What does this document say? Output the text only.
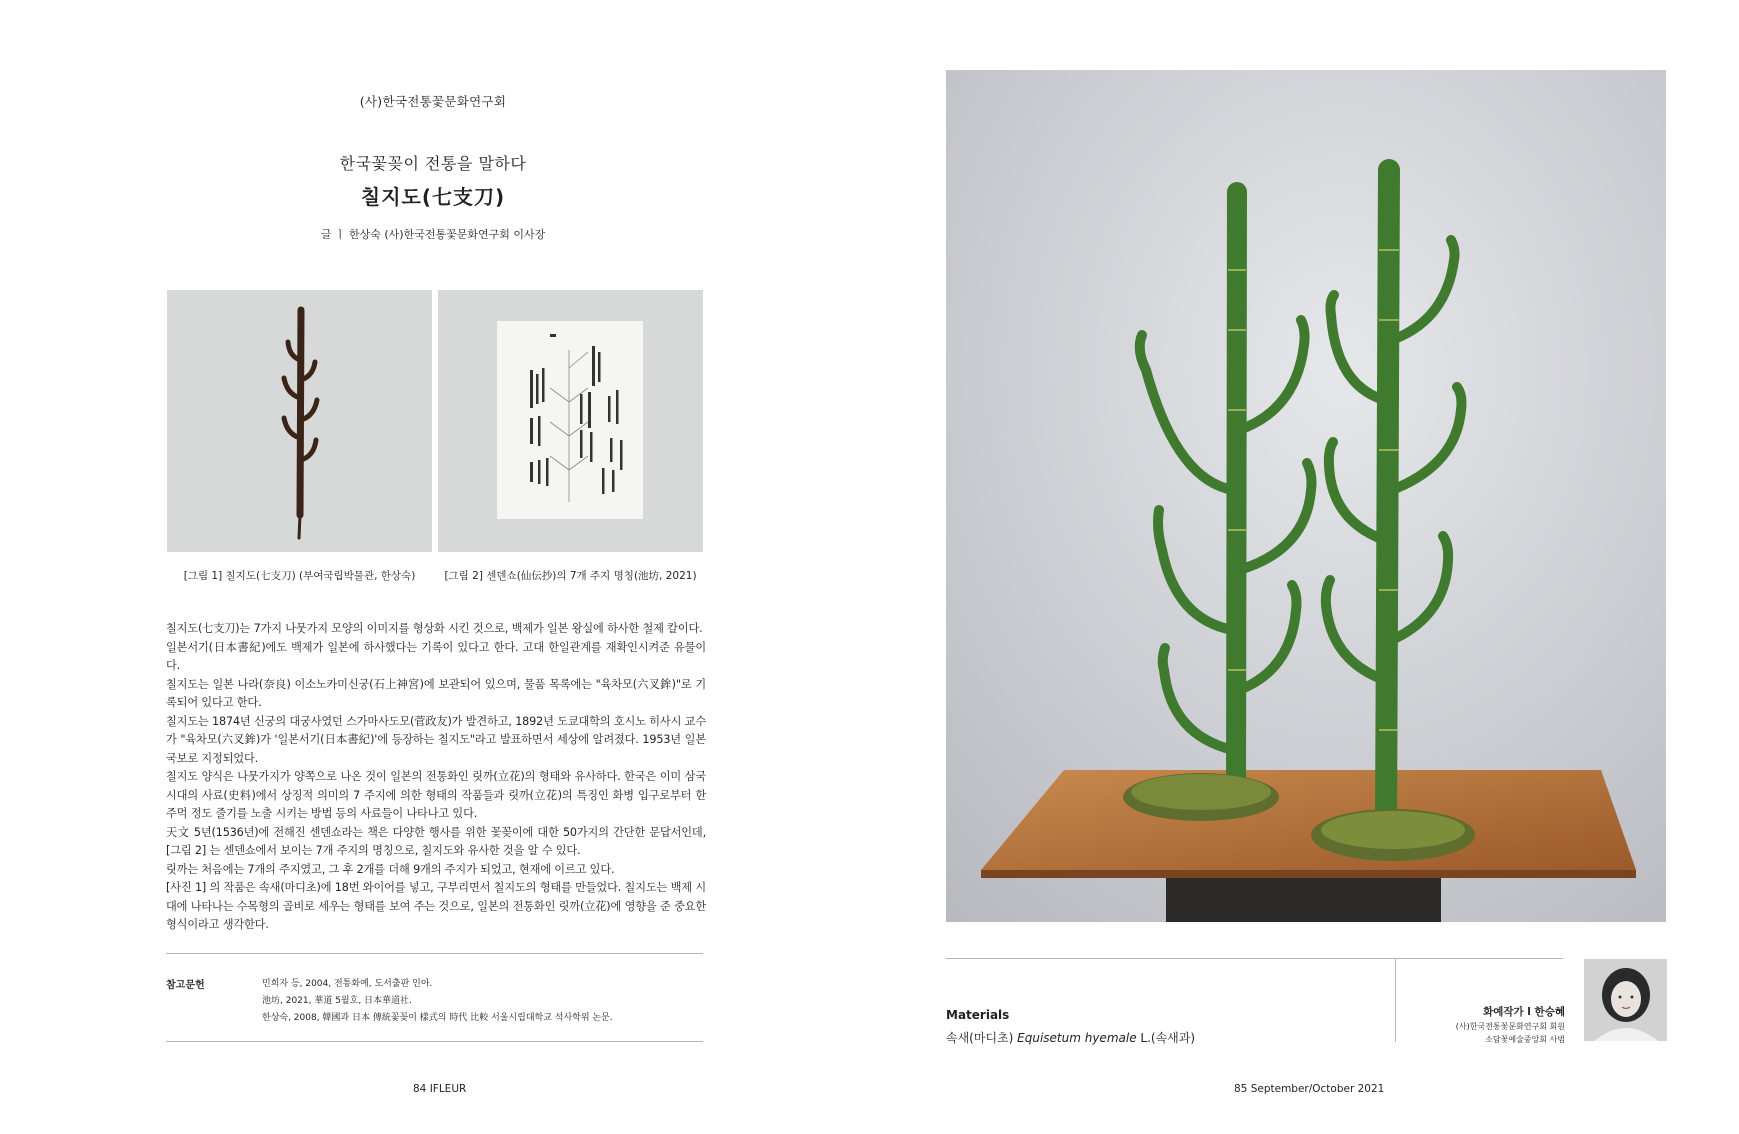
(사)한국전통꽃문화연구회
한국꽃꽂이 전통을 말하다
칠지도(七支刀)
글 ㅣ 한상숙 (사)한국전통꽃문화연구회 이사장
[그림 1] 칠지도(七支刀) (부여국립박물관, 한상숙)	[그림 2] 센덴쇼(仙伝抄)의 7개 주지 명칭(池坊, 2021)

칠지도(七支刀)는 7가지 나뭇가지 모양의 이미지를 형상화 시킨 것으로, 백제가 일본 왕실에 하사한 철제 칼이다.

일본서기(日本書紀)에도 백제가 일본에 하사했다는 기록이 있다고 한다. 고대 한일관계를 재확인시켜준 유물이다.

칠지도는 일본 나라(奈良) 이소노카미신궁(石上神宮)에 보관되어 있으며, 물품 목록에는 "육차모(六叉鉾)"로 기록되어 있다고 한다.

칠지도는 1874년 신궁의 대궁사였던 스가마사도모(菅政友)가 발견하고, 1892년 도쿄대학의 호시노 히사시 교수가 "육차모(六叉鉾)가 '일본서기(日本書紀)'에 등장하는 칠지도"라고 발표하면서 세상에 알려졌다. 1953년 일본 국보로 지정되었다.

칠지도 양식은 나뭇가지가 양쪽으로 나온 것이 일본의 전통화인 릿까(立花)의 형태와 유사하다. 한국은 이미 삼국시대의 사료(史料)에서 상징적 의미의 7 주지에 의한 형태의 작품들과 릿까(立花)의 특징인 화병 입구로부터 한 주먹 정도 줄기를 노출 시키는 방법 등의 사료들이 나타나고 있다.

天文 5년(1536년)에 전해진 센덴쇼라는 책은 다양한 행사를 위한 꽃꽂이에 대한 50가지의 간단한 문답서인데, [그림 2] 는 센덴쇼에서 보이는 7개 주지의 명칭으로, 칠지도와 유사한 것을 알 수 있다.

릿까는 처음에는 7개의 주지였고, 그 후 2개를 더해 9개의 주지가 되었고, 현재에 이르고 있다.

[사진 1] 의 작품은 속새(마디초)에 18번 와이어를 넣고, 구부리면서 칠지도의 형태를 만들었다. 칠지도는 백제 시대에 나타나는 수목형의 골비로 세우는 형태를 보여 주는 것으로, 일본의 전통화인 릿까(立花)에 영향을 준 중요한 형식이라고 생각한다.

참고문헌	민희자 등, 2004, 전통화예, 도서출판 인아.
池坊, 2021, 華道 5월호, 日本華道社.
한상숙, 2008, 韓國과 日本 傳統꽃꽂이 樣式의 時代 比較 서울시립대학교 석사학위 논문.
84 IFLEUR
Materials
속새(마디초) Equisetum hyemale L.(속새과)
화예작가 l 한승혜
(사)한국전통꽃문화연구회 회원
소담꽃예술중앙회 사범
85 September/October 2021
